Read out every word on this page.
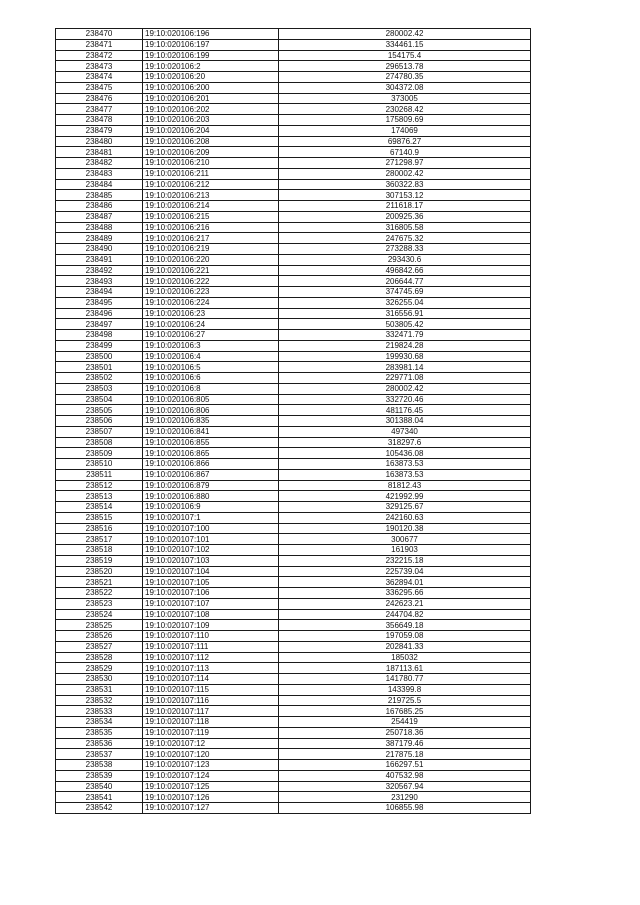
238470	19:10:020106:196	280002.42
238471	19:10:020106:197	334461.15
238472	19:10:020106:199	154175.4
238473	19:10:020106:2	296513.78
238474	19:10:020106:20	274780.35
238475	19:10:020106:200	304372.08
238476	19:10:020106:201	373005
238477	19:10:020106:202	230268.42
238478	19:10:020106:203	175809.69
238479	19:10:020106:204	174069
238480	19:10:020106:208	69876.27
238481	19:10:020106:209	67140.9
238482	19:10:020106:210	271298.97
238483	19:10:020106:211	280002.42
238484	19:10:020106:212	360322.83
238485	19:10:020106:213	307153.12
238486	19:10:020106:214	211618.17
238487	19:10:020106:215	200925.36
238488	19:10:020106:216	316805.58
238489	19:10:020106:217	247675.32
238490	19:10:020106:219	273288.33
238491	19:10:020106:220	293430.6
238492	19:10:020106:221	496842.66
238493	19:10:020106:222	206644.77
238494	19:10:020106:223	374745.69
238495	19:10:020106:224	326255.04
238496	19:10:020106:23	316556.91
238497	19:10:020106:24	503805.42
238498	19:10:020106:27	332471.79
238499	19:10:020106:3	219824.28
238500	19:10:020106:4	199930.68
238501	19:10:020106:5	283981.14
238502	19:10:020106:6	229771.08
238503	19:10:020106:8	280002.42
238504	19:10:020106:805	332720.46
238505	19:10:020106:806	481176.45
238506	19:10:020106:835	301388.04
238507	19:10:020106:841	497340
238508	19:10:020106:855	318297.6
238509	19:10:020106:865	105436.08
238510	19:10:020106:866	163873.53
238511	19:10:020106:867	163873.53
238512	19:10:020106:879	81812.43
238513	19:10:020106:880	421992.99
238514	19:10:020106:9	329125.67
238515	19:10:020107:1	242160.63
238516	19:10:020107:100	190120.38
238517	19:10:020107:101	300677
238518	19:10:020107:102	161903
238519	19:10:020107:103	232215.18
238520	19:10:020107:104	225739.04
238521	19:10:020107:105	362894.01
238522	19:10:020107:106	336295.66
238523	19:10:020107:107	242623.21
238524	19:10:020107:108	244704.82
238525	19:10:020107:109	356649.18
238526	19:10:020107:110	197059.08
238527	19:10:020107:111	202841.33
238528	19:10:020107:112	185032
238529	19:10:020107:113	187113.61
238530	19:10:020107:114	141780.77
238531	19:10:020107:115	143399.8
238532	19:10:020107:116	219725.5
238533	19:10:020107:117	167685.25
238534	19:10:020107:118	254419
238535	19:10:020107:119	250718.36
238536	19:10:020107:12	387179.46
238537	19:10:020107:120	217875.18
238538	19:10:020107:123	166297.51
238539	19:10:020107:124	407532.98
238540	19:10:020107:125	320567.94
238541	19:10:020107:126	231290
238542	19:10:020107:127	106855.98
